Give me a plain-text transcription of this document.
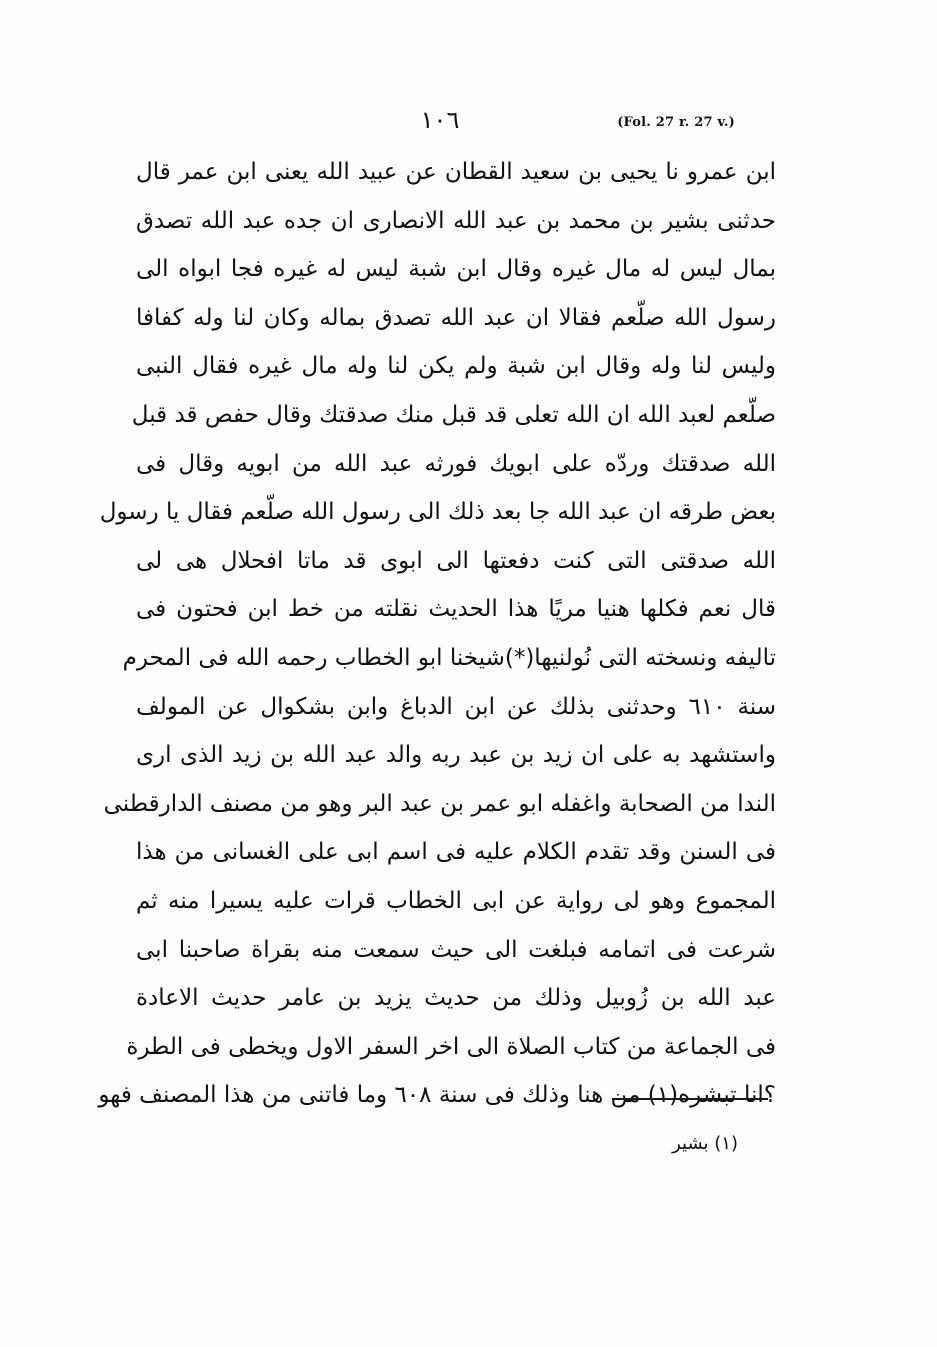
(Fol. 27 r. 27 v.)
١٠٦
ابن عمرو نا يحيى بن سعيد القطان عن عبيد الله يعنى ابن عمر قال
حدثنى بشير بن محمد بن عبد الله الانصارى ان جده عبد الله تصدق
بمال ليس له مال غيره وقال ابن شبة ليس له غيره فجا ابواه الى
رسول الله صلّعم فقالا ان عبد الله تصدق بماله وكان لنا وله كفافا
وليس لنا وله وقال ابن شبة ولم يكن لنا وله مال غيره فقال النبى
صلّعم لعبد الله ان الله تعلى قد قبل منك صدقتك وقال حفص قد قبل
الله صدقتك وردّه على ابويك فورثه عبد الله من ابويه وقال فى
بعض طرقه ان عبد الله جا بعد ذلك الى رسول الله صلّعم فقال يا رسول
الله صدقتى التى كنت دفعتها الى ابوى قد ماتا افحلال هى لى
قال نعم فكلها هنيا مريًا هذا الحديث نقلته من خط ابن فحتون فى
تاليفه ونسخته التى نُولنيها(*)شيخنا ابو الخطاب رحمه الله فى المحرم
سنة ٦١٠ وحدثنى بذلك عن ابن الدباغ وابن بشكوال عن المولف
واستشهد به على ان زيد بن عبد ربه والد عبد الله بن زيد الذى ارى
الندا من الصحابة واغفله ابو عمر بن عبد البر وهو من مصنف الدارقطنى
فى السنن وقد تقدم الكلام عليه فى اسم ابى على الغسانى من هذا
المجموع وهو لى رواية عن ابى الخطاب قرات عليه يسيرا منه ثم
شرعت فى اتمامه فبلغت الى حيث سمعت منه بقراة صاحبنا ابى
عبد الله بن زُوبيل وذلك من حديث يزيد بن عامر حديث الاعادة
فى الجماعة من كتاب الصلاة الى اخر السفر الاول ويخطى فى الطرة
؟انا تبشره(١) من هنا وذلك فى سنة ٦٠٨ وما فاتنى من هذا المصنف فهو
(١) بشير
